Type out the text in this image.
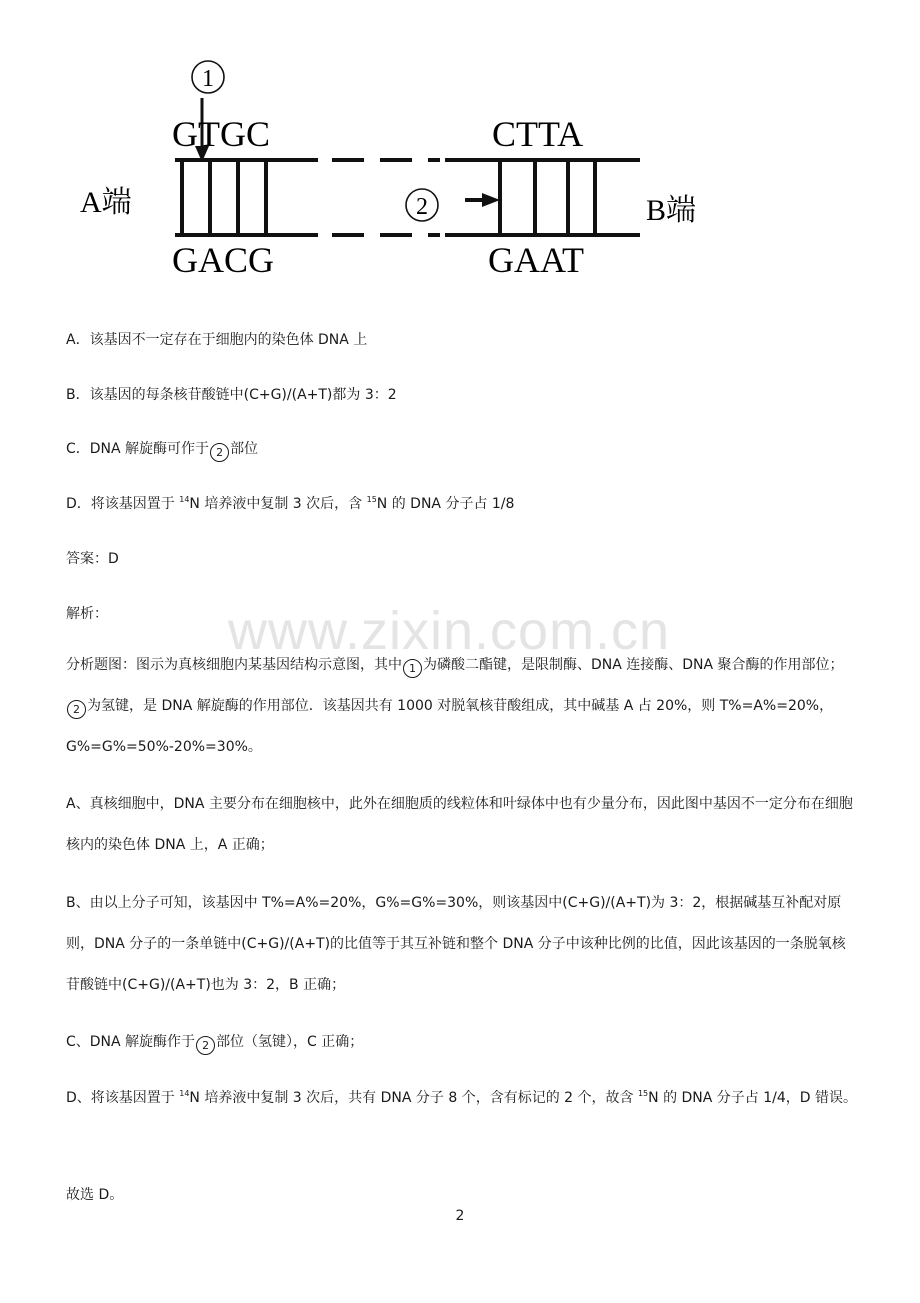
1
2
GTGC
GACG
CTTA
GAAT
A端	B端
A．该基因不一定存在于细胞内的染色体 DNA 上
B．该基因的每条核苷酸链中(C+G)/(A+T)都为 3：2
C．DNA 解旋酶可作于 2 部位
D．将该基因置于 $^{14}$N 培养液中复制 3 次后，含 $^{15}$N 的 DNA 分子占 1/8
答案：D
解析： www.zixin.com.cn
分析题图：图示为真核细胞内某基因结构示意图，其中 1 为磷酸二酯键，是限制酶、DNA 连接酶、DNA 聚合酶的作用部位；2 为氢键，是 DNA 解旋酶的作用部位．该基因共有 1000 对脱氧核苷酸组成，其中碱基 A 占 20%，则 T%=A%=20%，G%=G%=50%-20%=30%。
A、真核细胞中，DNA 主要分布在细胞核中，此外在细胞质的线粒体和叶绿体中也有少量分布，因此图中基因不一定分布在细胞核内的染色体 DNA 上，A 正确；
B、由以上分子可知，该基因中 T%=A%=20%，G%=G%=30%，则该基因中(C+G)/(A+T)为 3：2，根据碱基互补配对原则，DNA 分子的一条单链中(C+G)/(A+T)的比值等于其互补链和整个 DNA 分子中该种比例的比值，因此该基因的一条脱氧核苷酸链中(C+G)/(A+T)也为 3：2，B 正确；
C、DNA 解旋酶作于 2 部位（氢键），C 正确；
D、将该基因置于 $^{14}$N 培养液中复制 3 次后，共有 DNA 分子 8 个，含有标记的 2 个，故含 $^{15}$N 的 DNA 分子占 1/4，D 错误。
故选 D。
2
